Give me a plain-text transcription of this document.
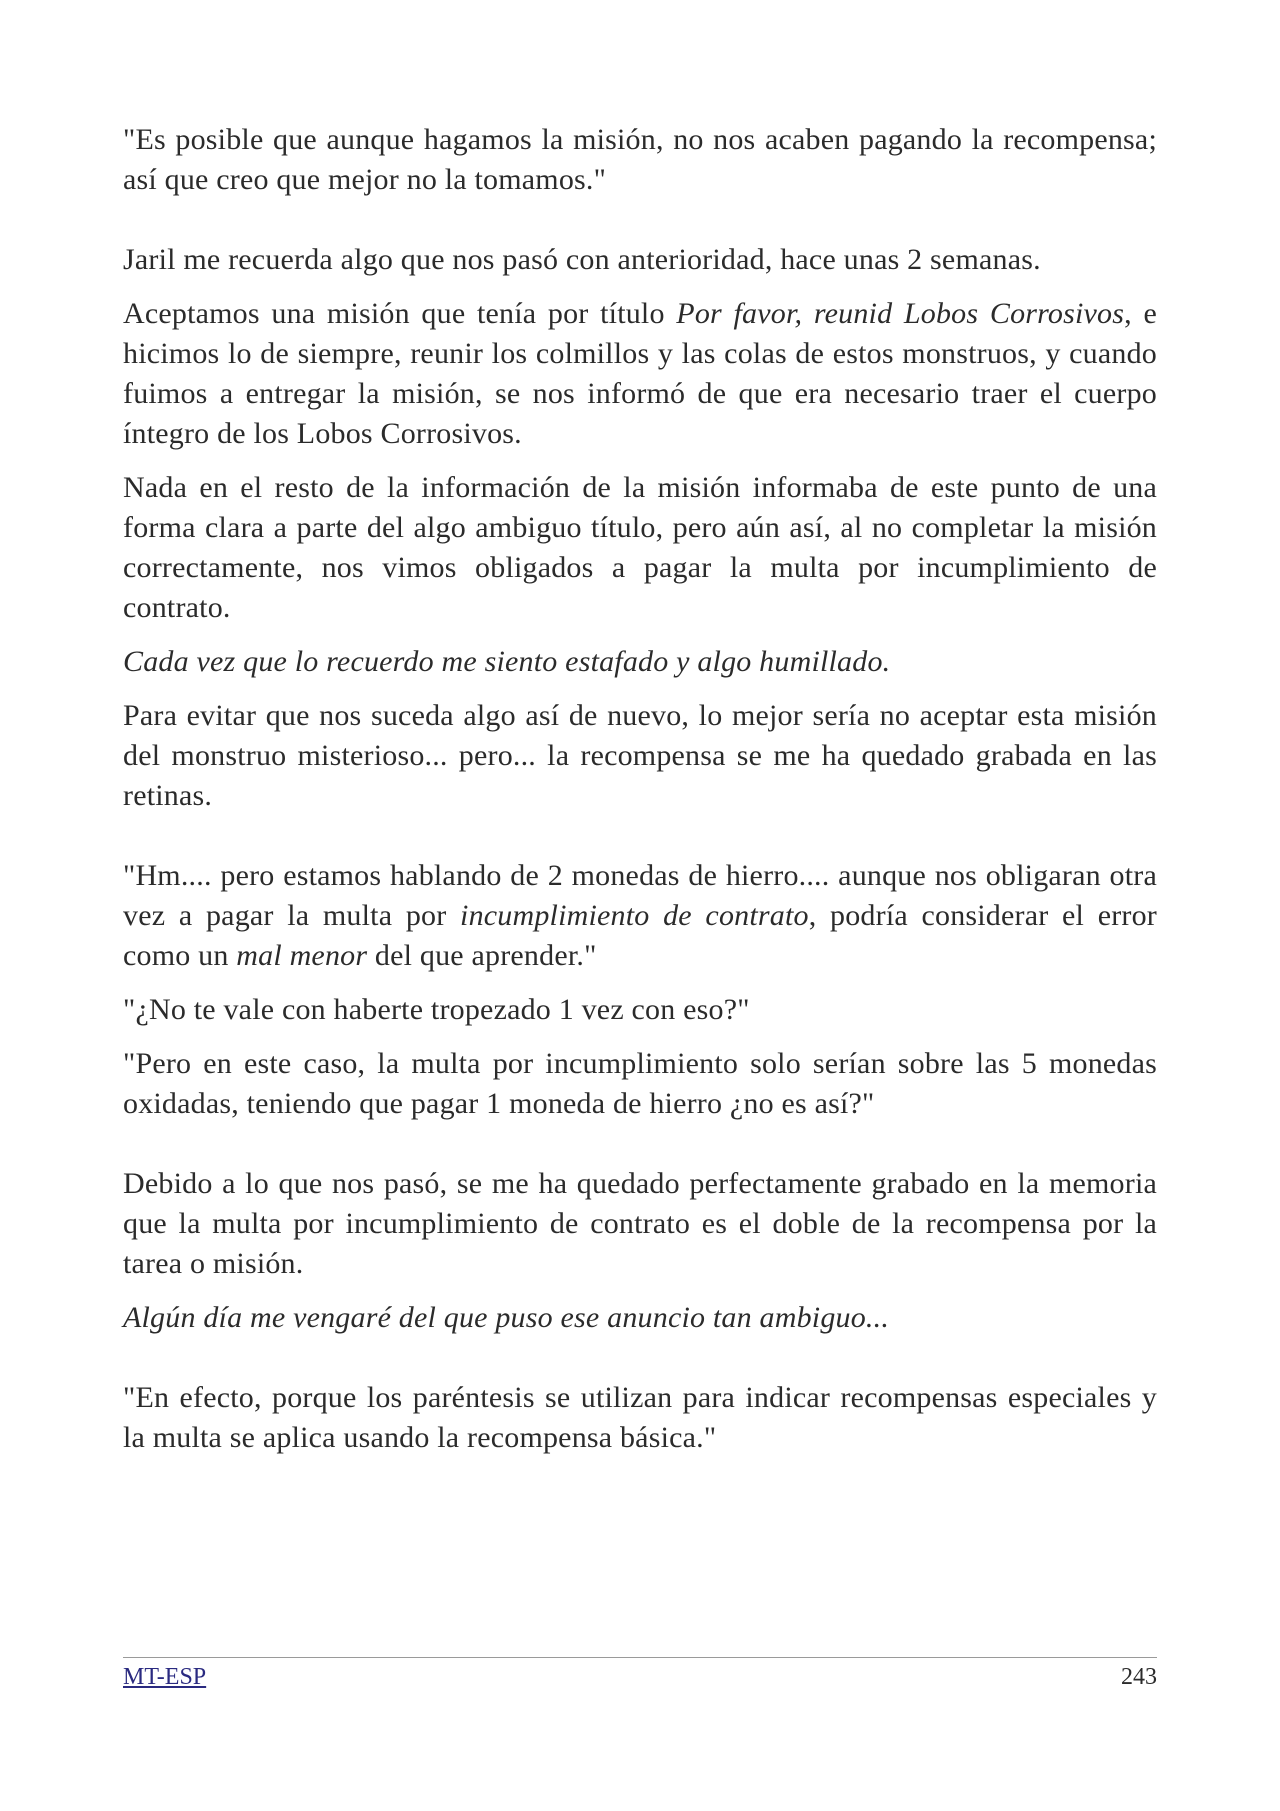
"Es posible que aunque hagamos la misión, no nos acaben pagando la recompensa; así que creo que mejor no la tomamos."

Jaril me recuerda algo que nos pasó con anterioridad, hace unas 2 semanas.

Aceptamos una misión que tenía por título Por favor, reunid Lobos Corrosivos, e hicimos lo de siempre, reunir los colmillos y las colas de estos monstruos, y cuando fuimos a entregar la misión, se nos informó de que era necesario traer el cuerpo íntegro de los Lobos Corrosivos.

Nada en el resto de la información de la misión informaba de este punto de una forma clara a parte del algo ambiguo título, pero aún así, al no completar la misión correctamente, nos vimos obligados a pagar la multa por incumplimiento de contrato.

Cada vez que lo recuerdo me siento estafado y algo humillado.

Para evitar que nos suceda algo así de nuevo, lo mejor sería no aceptar esta misión del monstruo misterioso... pero... la recompensa se me ha quedado grabada en las retinas.

"Hm.... pero estamos hablando de 2 monedas de hierro.... aunque nos obligaran otra vez a pagar la multa por incumplimiento de contrato, podría considerar el error como un mal menor del que aprender."

"¿No te vale con haberte tropezado 1 vez con eso?"

"Pero en este caso, la multa por incumplimiento solo serían sobre las 5 monedas oxidadas, teniendo que pagar 1 moneda de hierro ¿no es así?"

Debido a lo que nos pasó, se me ha quedado perfectamente grabado en la memoria que la multa por incumplimiento de contrato es el doble de la recompensa por la tarea o misión.

Algún día me vengaré del que puso ese anuncio tan ambiguo...

"En efecto, porque los paréntesis se utilizan para indicar recompensas especiales y la multa se aplica usando la recompensa básica."

MT-ESP	243
